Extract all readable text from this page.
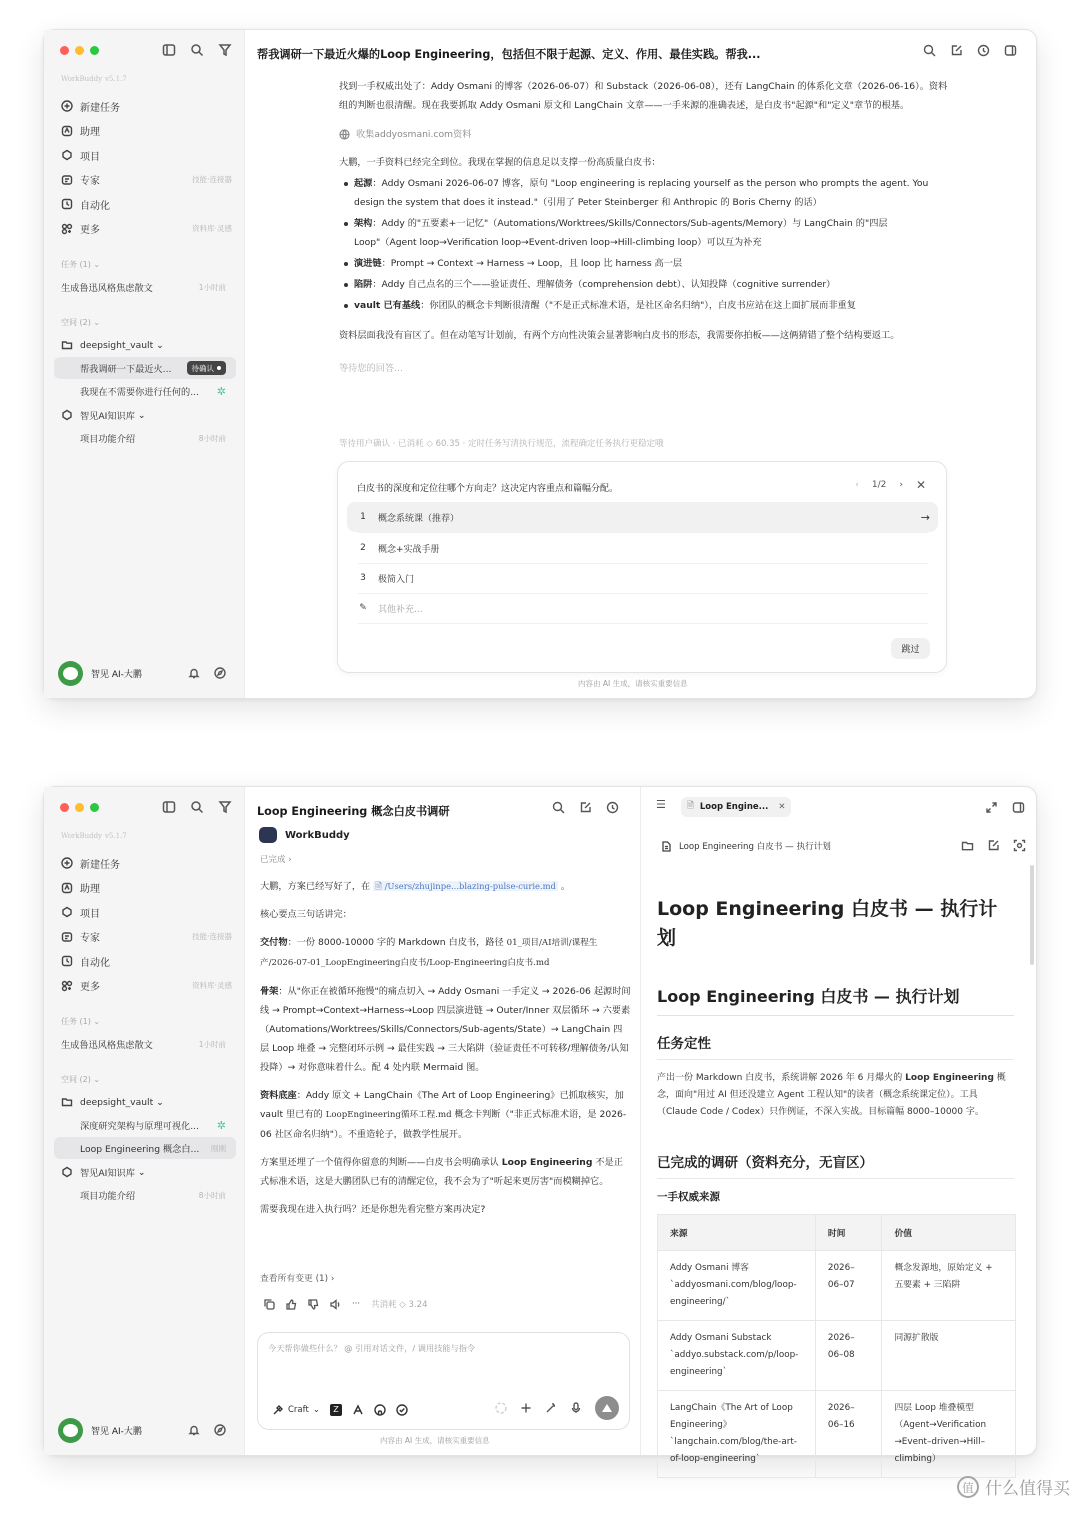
WorkBuddy v5.1.7
新建任务
助理
项目
专家	技能·连接器
自动化
更多	资料库·灵感
任务 (1) ⌄
生成鲁迅风格焦虑散文	1小时前
空间 (2) ⌄
deepsight_vault ⌄
帮我调研一下最近火...	待确认
我现在不需要你进行任何的... ✲
智见AI知识库 ⌄
项目功能介绍	8小时前
智见 AI-大鹏
帮我调研一下最近火爆的Loop Engineering，包括但不限于起源、定义、作用、最佳实践。帮我...

找到一手权威出处了：Addy Osmani 的博客（2026-06-07）和 Substack（2026-06-08），还有 LangChain 的体系化文章（2026-06-16）。资料组的判断也很清醒。现在我要抓取 Addy Osmani 原文和 LangChain 文章——一手来源的准确表述，是白皮书"起源"和"定义"章节的根基。

收集addyosmani.com资料

大鹏，一手资料已经完全到位。我现在掌握的信息足以支撑一份高质量白皮书：

起源：Addy Osmani 2026-06-07 博客，原句 "Loop engineering is replacing yourself as the person who prompts the agent. You design the system that does it instead."（引用了 Peter Steinberger 和 Anthropic 的 Boris Cherny 的话）
架构：Addy 的"五要素+一记忆"（Automations/Worktrees/Skills/Connectors/Sub-agents/Memory）与 LangChain 的"四层 Loop"（Agent loop→Verification loop→Event-driven loop→Hill-climbing loop）可以互为补充
演进链：Prompt → Context → Harness → Loop，且 loop 比 harness 高一层
陷阱：Addy 自己点名的三个——验证责任、理解债务（comprehension debt）、认知投降（cognitive surrender）
vault 已有基线：你团队的概念卡判断很清醒（"不是正式标准术语，是社区命名归纳"），白皮书应站在这上面扩展而非重复

资料层面我没有盲区了。但在动笔写计划前，有两个方向性决策会显著影响白皮书的形态，我需要你拍板——这俩猜错了整个结构要返工。

等待您的回答...

等待用户确认 · 已消耗 ◇ 60.35 · 定时任务写清执行规范，流程确定任务执行更稳定哦
白皮书的深度和定位往哪个方向走？这决定内容重点和篇幅分配。	‹ 1/2 › ✕
1	概念系统课（推荐）	→
2	概念+实战手册
3	极简入门
✎	其他补充...
跳过
内容由 AI 生成，请核实重要信息
WorkBuddy v5.1.7
新建任务
助理
项目
专家	技能·连接器
自动化
更多	资料库·灵感
任务 (1) ⌄
生成鲁迅风格焦虑散文	1小时前
空间 (2) ⌄
deepsight_vault ⌄
深度研究架构与原理可视化... ✲
Loop Engineering 概念白... 刚刚
智见AI知识库 ⌄
项目功能介绍	8小时前
智见 AI-大鹏
Loop Engineering 概念白皮书调研
WorkBuddy
已完成 ›

大鹏，方案已经写好了，在 🗎 /Users/zhujinpe...blazing-pulse-curie.md 。

核心要点三句话讲完：

交付物：一份 8000-10000 字的 Markdown 白皮书，路径 01_项目/AI培训/课程生产/2026-07-01_LoopEngineering白皮书/Loop-Engineering白皮书.md

骨架：从"你正在被循环拖慢"的痛点切入 → Addy Osmani 一手定义 → 2026-06 起源时间线 → Prompt→Context→Harness→Loop 四层演进链 → Outer/Inner 双层循环 → 六要素（Automations/Worktrees/Skills/Connectors/Sub-agents/State）→ LangChain 四层 Loop 堆叠 → 完整闭环示例 → 最佳实践 → 三大陷阱（验证责任不可转移/理解债务/认知投降）→ 对你意味着什么。配 4 处内联 Mermaid 图。

资料底座：Addy 原文 + LangChain《The Art of Loop Engineering》已抓取核实，加 vault 里已有的 LoopEngineering循环工程.md 概念卡判断（"非正式标准术语，是 2026-06 社区命名归纳"）。不重造轮子，做教学性展开。

方案里还埋了一个值得你留意的判断——白皮书会明确承认 Loop Engineering 不是正式标准术语，这是大鹏团队已有的清醒定位，我不会为了"听起来更厉害"而模糊掉它。

需要我现在进入执行吗？还是你想先看完整方案再决定?

查看所有变更 (1) ›
··· 共消耗 ◇ 3.24
今天帮你做些什么？ @ 引用对话文件，/ 调用技能与指令
Craft ⌄	Z
内容由 AI 生成，请核实重要信息
☰ 🗎 Loop Engine... ✕
Loop Engineering 白皮书 — 执行计划
Loop Engineering 白皮书 — 执行计划
Loop Engineering 白皮书 — 执行计划
任务定性
产出一份 Markdown 白皮书，系统讲解 2026 年 6 月爆火的 Loop Engineering 概念，面向"用过 AI 但还没建立 Agent 工程认知"的读者（概念系统课定位）。工具（Claude Code / Codex）只作例证，不深入实战。目标篇幅 8000–10000 字。
已完成的调研（资料充分，无盲区）
一手权威来源
来源	时间	价值
Addy Osmani 博客 `addyosmani.com/blog/loop-engineering/`	2026–06–07	概念发源地，原始定义 + 五要素 + 三陷阱
Addy Osmani Substack `addyo.substack.com/p/loop-engineering`	2026–06–08	同源扩散版
LangChain《The Art of Loop Engineering》 `langchain.com/blog/the-art-of-loop-engineering`	2026–06–16	四层 Loop 堆叠模型（Agent→Verification →Event–driven→Hill–climbing）
值
什么值得买
